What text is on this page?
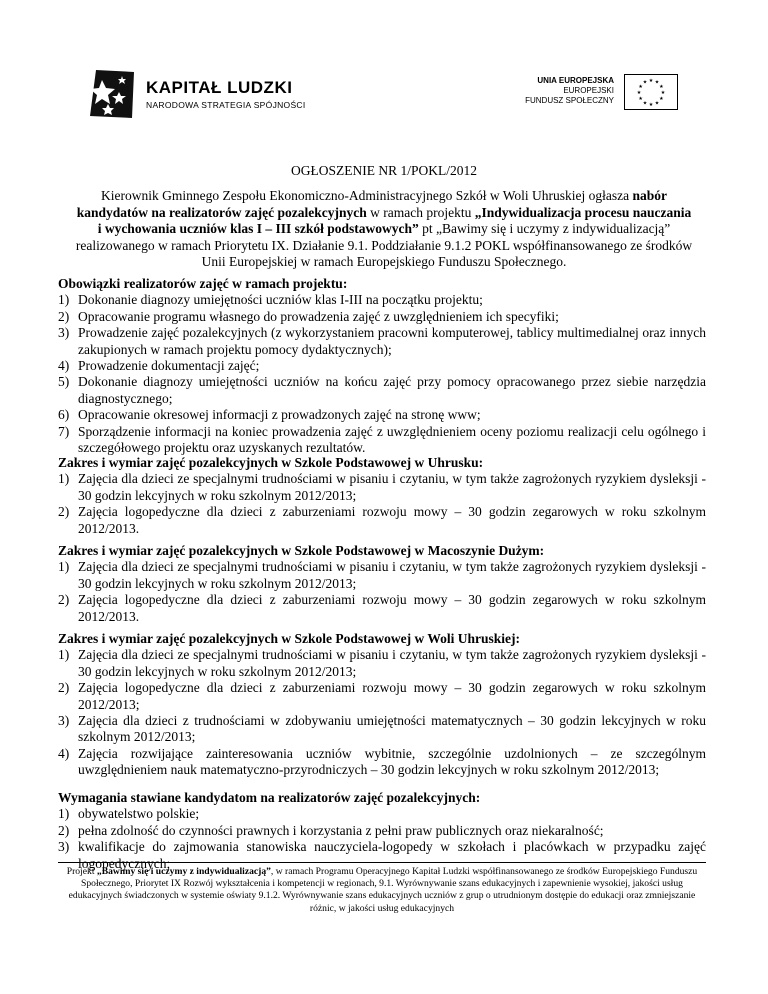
KAPITAŁ LUDZKI
NARODOWA STRATEGIA SPÓJNOŚCI
UNIA EUROPEJSKA
EUROPEJSKI
FUNDUSZ SPOŁECZNY
★ ★
★
★
★
★
★
★
★
★
★
★
OGŁOSZENIE NR 1/POKL/2012
Kierownik Gminnego Zespołu Ekonomiczno-Administracyjnego Szkół w Woli Uhruskiej ogłasza nabór kandydatów na realizatorów zajęć pozalekcyjnych w ramach projektu „Indywidualizacja procesu nauczania i wychowania uczniów klas I – III szkół podstawowych” pt „Bawimy się i uczymy z indywidualizacją” realizowanego w ramach Priorytetu IX. Działanie 9.1. Poddziałanie 9.1.2 POKL współfinansowanego ze środków Unii Europejskiej w ramach Europejskiego Funduszu Społecznego.
Obowiązki realizatorów zajęć w ramach projektu:
1) Dokonanie diagnozy umiejętności uczniów klas I-III na początku projektu;
2) Opracowanie programu własnego do prowadzenia zajęć z uwzględnieniem ich specyfiki;
3) Prowadzenie zajęć pozalekcyjnych (z wykorzystaniem pracowni komputerowej, tablicy multimedialnej oraz innych zakupionych w ramach projektu pomocy dydaktycznych);
4) Prowadzenie dokumentacji zajęć;
5) Dokonanie diagnozy umiejętności uczniów na końcu zajęć przy pomocy opracowanego przez siebie narzędzia diagnostycznego;
6) Opracowanie okresowej informacji z prowadzonych zajęć na stronę www;
7) Sporządzenie informacji na koniec prowadzenia zajęć z uwzględnieniem oceny poziomu realizacji celu ogólnego i szczegółowego projektu oraz uzyskanych rezultatów.
Zakres i wymiar zajęć pozalekcyjnych w Szkole Podstawowej w Uhrusku:
1) Zajęcia dla dzieci ze specjalnymi trudnościami w pisaniu i czytaniu, w tym także zagrożonych ryzykiem dysleksji - 30 godzin lekcyjnych w roku szkolnym 2012/2013;
2) Zajęcia logopedyczne dla dzieci z zaburzeniami rozwoju mowy – 30 godzin zegarowych w roku szkolnym 2012/2013.
Zakres i wymiar zajęć pozalekcyjnych w Szkole Podstawowej w Macoszynie Dużym:
1) Zajęcia dla dzieci ze specjalnymi trudnościami w pisaniu i czytaniu, w tym także zagrożonych ryzykiem dysleksji - 30 godzin lekcyjnych w roku szkolnym 2012/2013;
2) Zajęcia logopedyczne dla dzieci z zaburzeniami rozwoju mowy – 30 godzin zegarowych w roku szkolnym 2012/2013.
Zakres i wymiar zajęć pozalekcyjnych w Szkole Podstawowej w Woli Uhruskiej:
1) Zajęcia dla dzieci ze specjalnymi trudnościami w pisaniu i czytaniu, w tym także zagrożonych ryzykiem dysleksji - 30 godzin lekcyjnych w roku szkolnym 2012/2013;
2) Zajęcia logopedyczne dla dzieci z zaburzeniami rozwoju mowy – 30 godzin zegarowych w roku szkolnym 2012/2013;
3) Zajęcia dla dzieci z trudnościami w zdobywaniu umiejętności matematycznych – 30 godzin lekcyjnych w roku szkolnym 2012/2013;
4) Zajęcia rozwijające zainteresowania uczniów wybitnie, szczególnie uzdolnionych – ze szczególnym uwzględnieniem nauk matematyczno-przyrodniczych – 30 godzin lekcyjnych w roku szkolnym 2012/2013;
Wymagania stawiane kandydatom na realizatorów zajęć pozalekcyjnych:
1) obywatelstwo polskie;
2) pełna zdolność do czynności prawnych i korzystania z pełni praw publicznych oraz niekaralność;
3) kwalifikacje do zajmowania stanowiska nauczyciela-logopedy w szkołach i placówkach w przypadku zajęć logopedycznych;
Projekt „Bawimy się i uczymy z indywidualizacją”, w ramach Programu Operacyjnego Kapitał Ludzki współfinansowanego ze środków Europejskiego Funduszu Społecznego, Priorytet IX Rozwój wykształcenia i kompetencji w regionach, 9.1. Wyrównywanie szans edukacyjnych i zapewnienie wysokiej, jakości usług edukacyjnych świadczonych w systemie oświaty 9.1.2. Wyrównywanie szans edukacyjnych uczniów z grup o utrudnionym dostępie do edukacji oraz zmniejszanie różnic, w jakości usług edukacyjnych
